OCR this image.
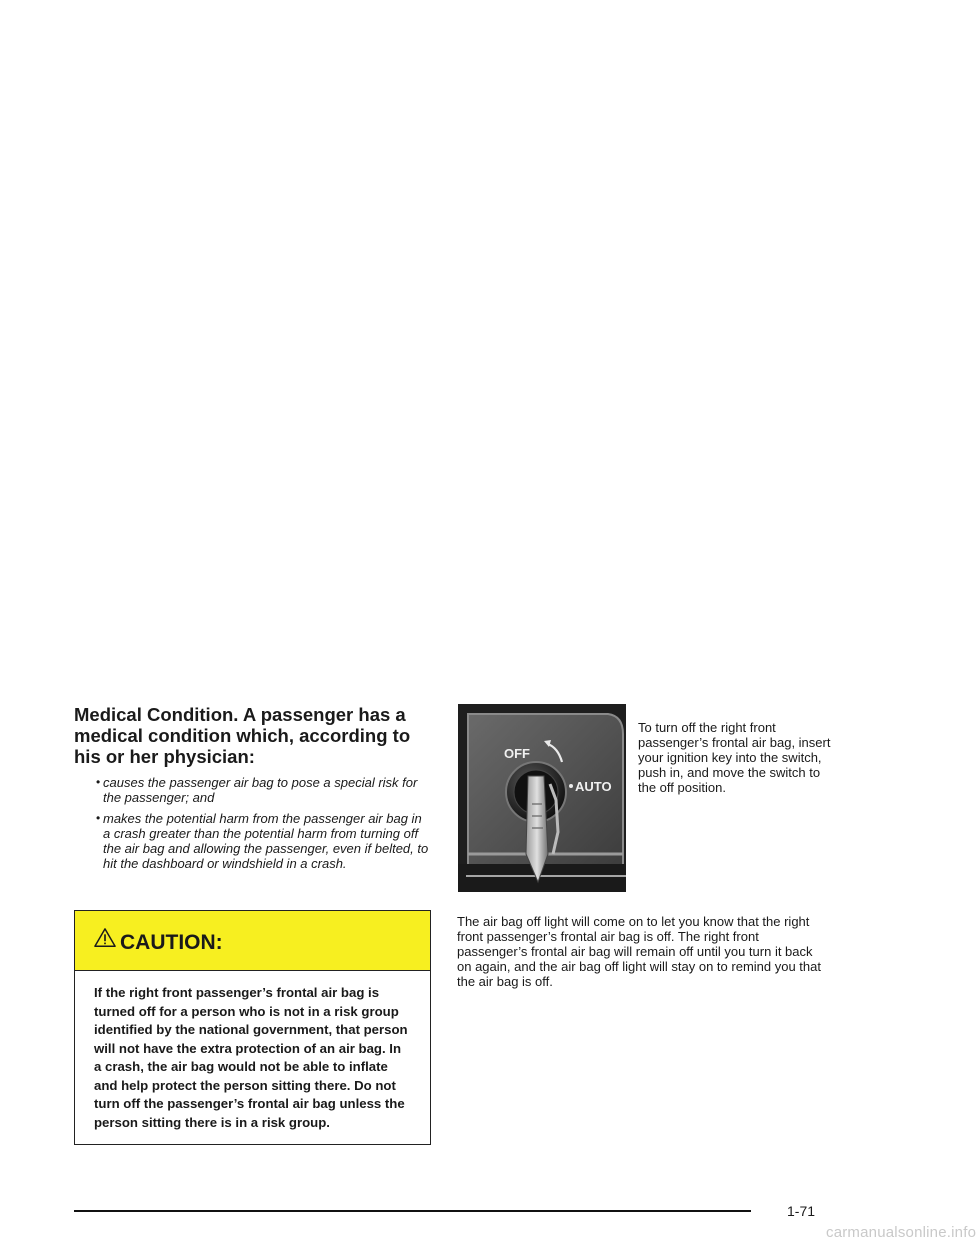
Medical Condition. A passenger has a medical condition which, according to his or her physician:
• causes the passenger air bag to pose a special risk for the passenger; and
• makes the potential harm from the passenger air bag in a crash greater than the potential harm from turning off the air bag and allowing the passenger, even if belted, to hit the dashboard or windshield in a crash.
CAUTION:
If the right front passenger’s frontal air bag is turned off for a person who is not in a risk group identified by the national government, that person will not have the extra protection of an air bag. In a crash, the air bag would not be able to inflate and help protect the person sitting there. Do not turn off the passenger’s frontal air bag unless the person sitting there is in a risk group.
OFF
AUTO
To turn off the right front passenger’s frontal air bag, insert your ignition key into the switch, push in, and move the switch to the off position.
The air bag off light will come on to let you know that the right front passenger’s frontal air bag is off. The right front passenger’s frontal air bag will remain off until you turn it back on again, and the air bag off light will stay on to remind you that the air bag is off.
1-71
carmanualsonline.info
